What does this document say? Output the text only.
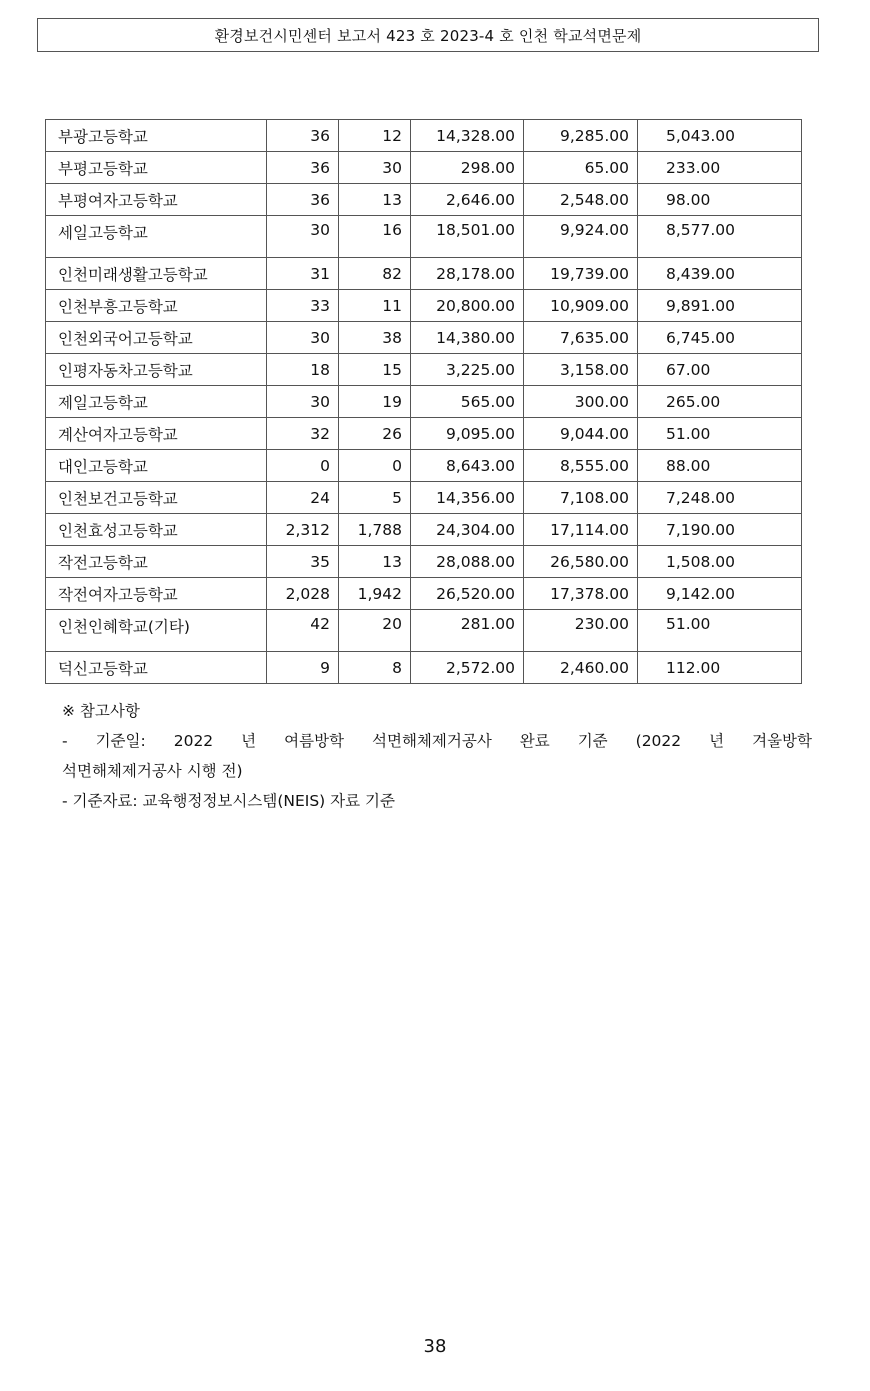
환경보건시민센터 보고서 423 호 2023-4 호 인천 학교석면문제
부광고등학교	36	12	14,328.00	9,285.00	5,043.00
부평고등학교	36	30	298.00	65.00	233.00
부평여자고등학교	36	13	2,646.00	2,548.00	98.00
세일고등학교	30	16	18,501.00	9,924.00	8,577.00
인천미래생활고등학교	31	82	28,178.00	19,739.00	8,439.00
인천부흥고등학교	33	11	20,800.00	10,909.00	9,891.00
인천외국어고등학교	30	38	14,380.00	7,635.00	6,745.00
인평자동차고등학교	18	15	3,225.00	3,158.00	67.00
제일고등학교	30	19	565.00	300.00	265.00
계산여자고등학교	32	26	9,095.00	9,044.00	51.00
대인고등학교	0	0	8,643.00	8,555.00	88.00
인천보건고등학교	24	5	14,356.00	7,108.00	7,248.00
인천효성고등학교	2,312	1,788	24,304.00	17,114.00	7,190.00
작전고등학교	35	13	28,088.00	26,580.00	1,508.00
작전여자고등학교	2,028	1,942	26,520.00	17,378.00	9,142.00
인천인혜학교(기타)	42	20	281.00	230.00	51.00
덕신고등학교	9	8	2,572.00	2,460.00	112.00
※ 참고사항
- 기준일: 2022 년 여름방학 석면해체제거공사 완료 기준 (2022 년 겨울방학
석면해체제거공사 시행 전)
- 기준자료: 교육행정정보시스템(NEIS) 자료 기준
38
